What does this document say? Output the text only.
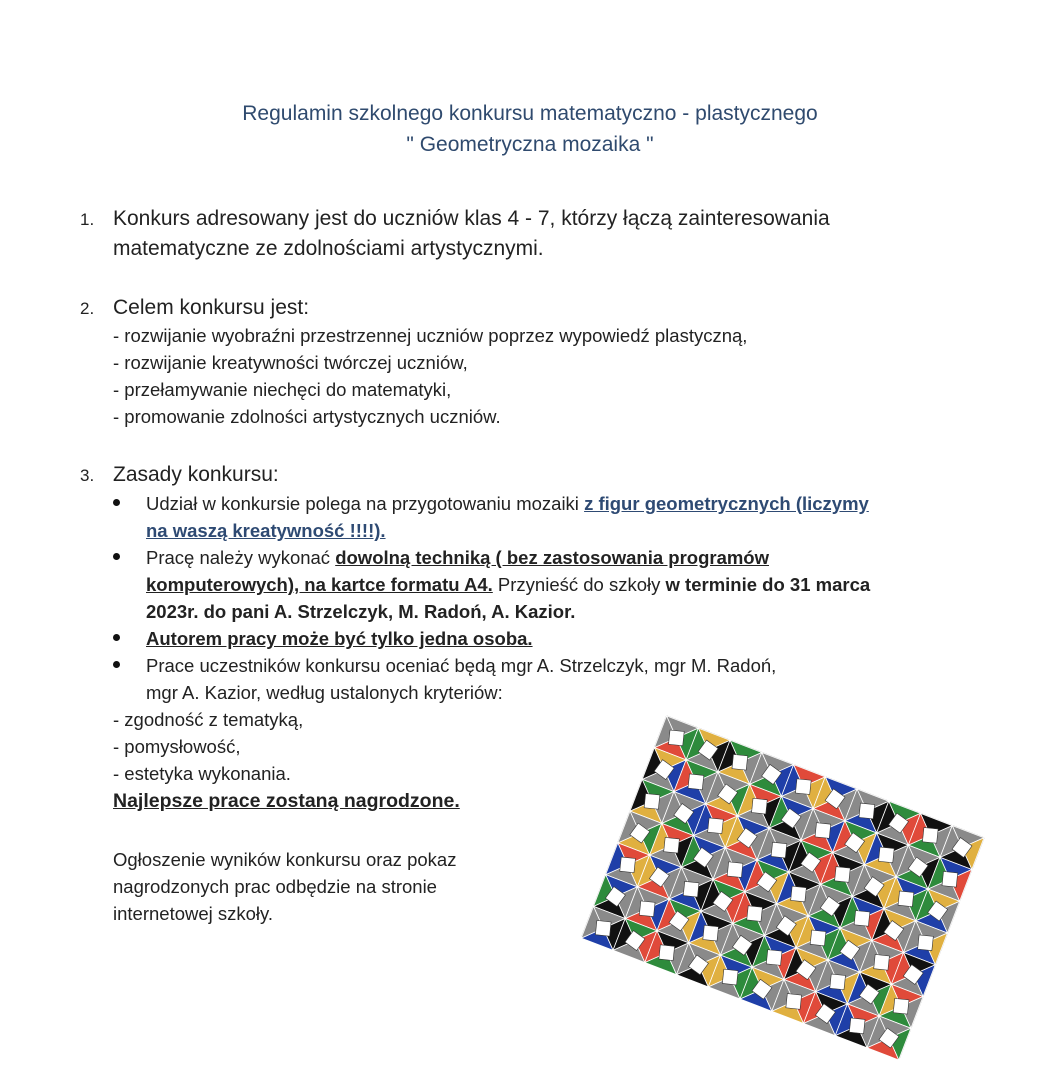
Regulamin szkolnego konkursu matematyczno - plastycznego
" Geometryczna mozaika "
1. Konkurs adresowany jest do uczniów klas 4 - 7, którzy łączą zainteresowania
matematyczne ze zdolnościami artystycznymi.
2. Celem konkursu jest:
- rozwijanie wyobraźni przestrzennej uczniów poprzez wypowiedź plastyczną,
- rozwijanie kreatywności twórczej uczniów,
- przełamywanie niechęci do matematyki,
- promowanie zdolności artystycznych uczniów.
3. Zasady konkursu:
Udział w konkursie polega na przygotowaniu mozaiki z figur geometrycznych (liczymy
na waszą kreatywność !!!!).
Pracę należy wykonać dowolną techniką ( bez zastosowania programów
komputerowych), na kartce formatu A4. Przynieść do szkoły w terminie do 31 marca
2023r. do pani A. Strzelczyk, M. Radoń, A. Kazior.
Autorem pracy może być tylko jedna osoba.
Prace uczestników konkursu oceniać będą mgr A. Strzelczyk, mgr M. Radoń,
mgr A. Kazior, według ustalonych kryteriów:
- zgodność z tematyką,
- pomysłowość,
- estetyka wykonania.
Najlepsze prace zostaną nagrodzone.
Ogłoszenie wyników konkursu oraz pokaz
nagrodzonych prac odbędzie na stronie
internetowej szkoły.
